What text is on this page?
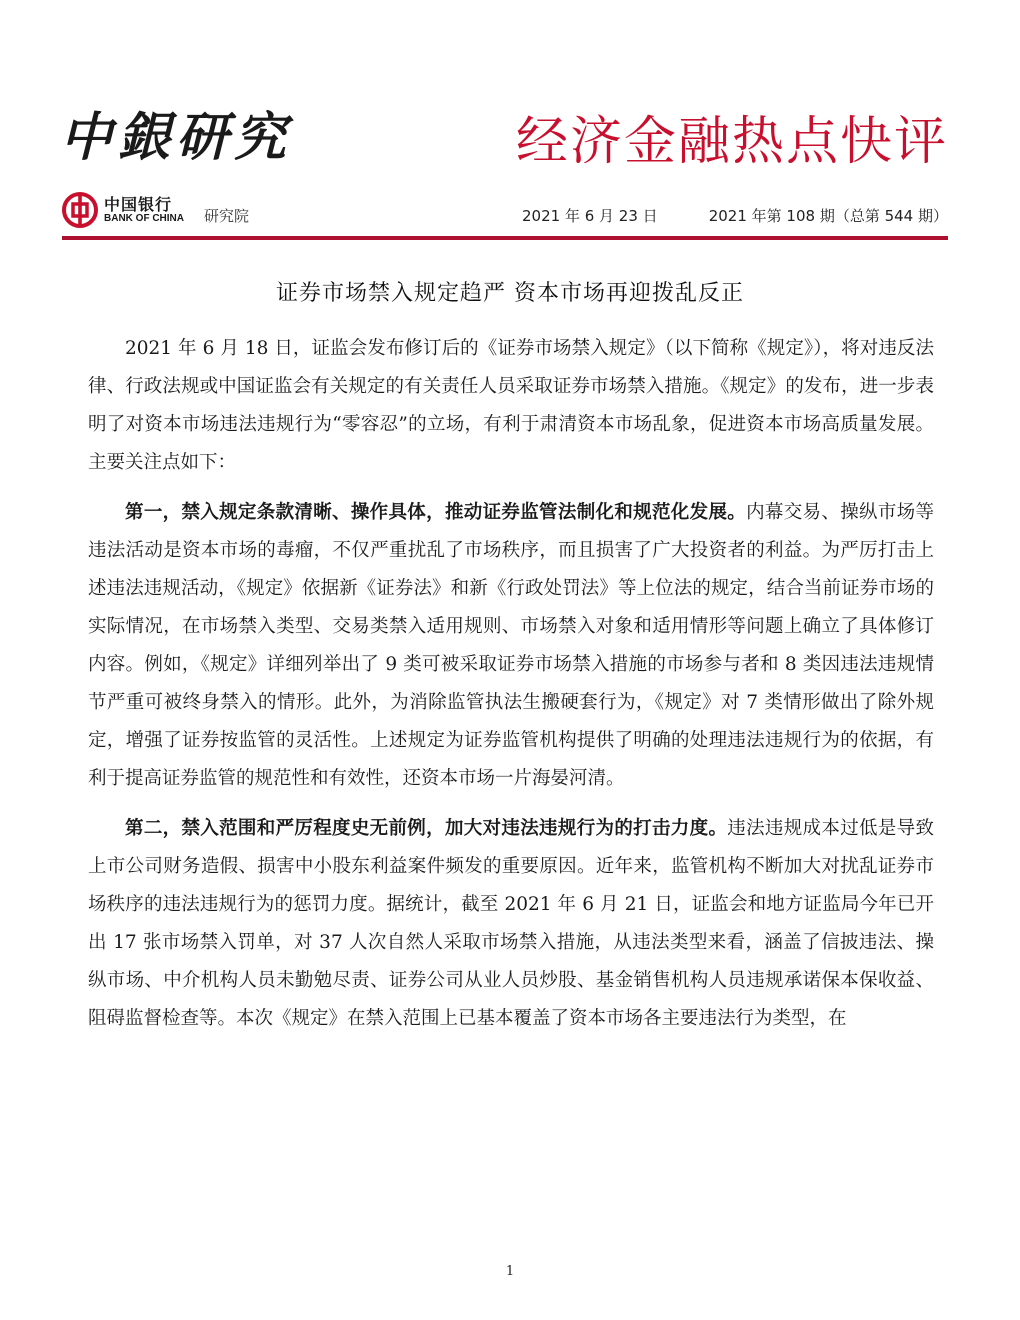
中銀研究	经济金融热点快评
中国银行
BANK OF CHINA 研究院	2021 年 6 月 23 日	2021 年第 108 期（总第 544 期）
证券市场禁入规定趋严 资本市场再迎拨乱反正

2021 年 6 月 18 日，证监会发布修订后的《证券市场禁入规定》（以下简称《规定》），将对违反法律、行政法规或中国证监会有关规定的有关责任人员采取证券市场禁入措施。《规定》的发布，进一步表明了对资本市场违法违规行为“零容忍”的立场，有利于肃清资本市场乱象，促进资本市场高质量发展。主要关注点如下：

第一，禁入规定条款清晰、操作具体，推动证券监管法制化和规范化发展。内幕交易、操纵市场等违法活动是资本市场的毒瘤，不仅严重扰乱了市场秩序，而且损害了广大投资者的利益。为严厉打击上述违法违规活动，《规定》依据新《证券法》和新《行政处罚法》等上位法的规定，结合当前证券市场的实际情况，在市场禁入类型、交易类禁入适用规则、市场禁入对象和适用情形等问题上确立了具体修订内容。例如，《规定》详细列举出了 9 类可被采取证券市场禁入措施的市场参与者和 8 类因违法违规情节严重可被终身禁入的情形。此外，为消除监管执法生搬硬套行为，《规定》对 7 类情形做出了除外规定，增强了证券按监管的灵活性。上述规定为证券监管机构提供了明确的处理违法违规行为的依据，有利于提高证券监管的规范性和有效性，还资本市场一片海晏河清。

第二，禁入范围和严厉程度史无前例，加大对违法违规行为的打击力度。违法违规成本过低是导致上市公司财务造假、损害中小股东利益案件频发的重要原因。近年来，监管机构不断加大对扰乱证券市场秩序的违法违规行为的惩罚力度。据统计，截至 2021 年 6 月 21 日，证监会和地方证监局今年已开出 17 张市场禁入罚单，对 37 人次自然人采取市场禁入措施，从违法类型来看，涵盖了信披违法、操纵市场、中介机构人员未勤勉尽责、证券公司从业人员炒股、基金销售机构人员违规承诺保本保收益、阻碍监督检查等。本次《规定》在禁入范围上已基本覆盖了资本市场各主要违法行为类型，在

1
